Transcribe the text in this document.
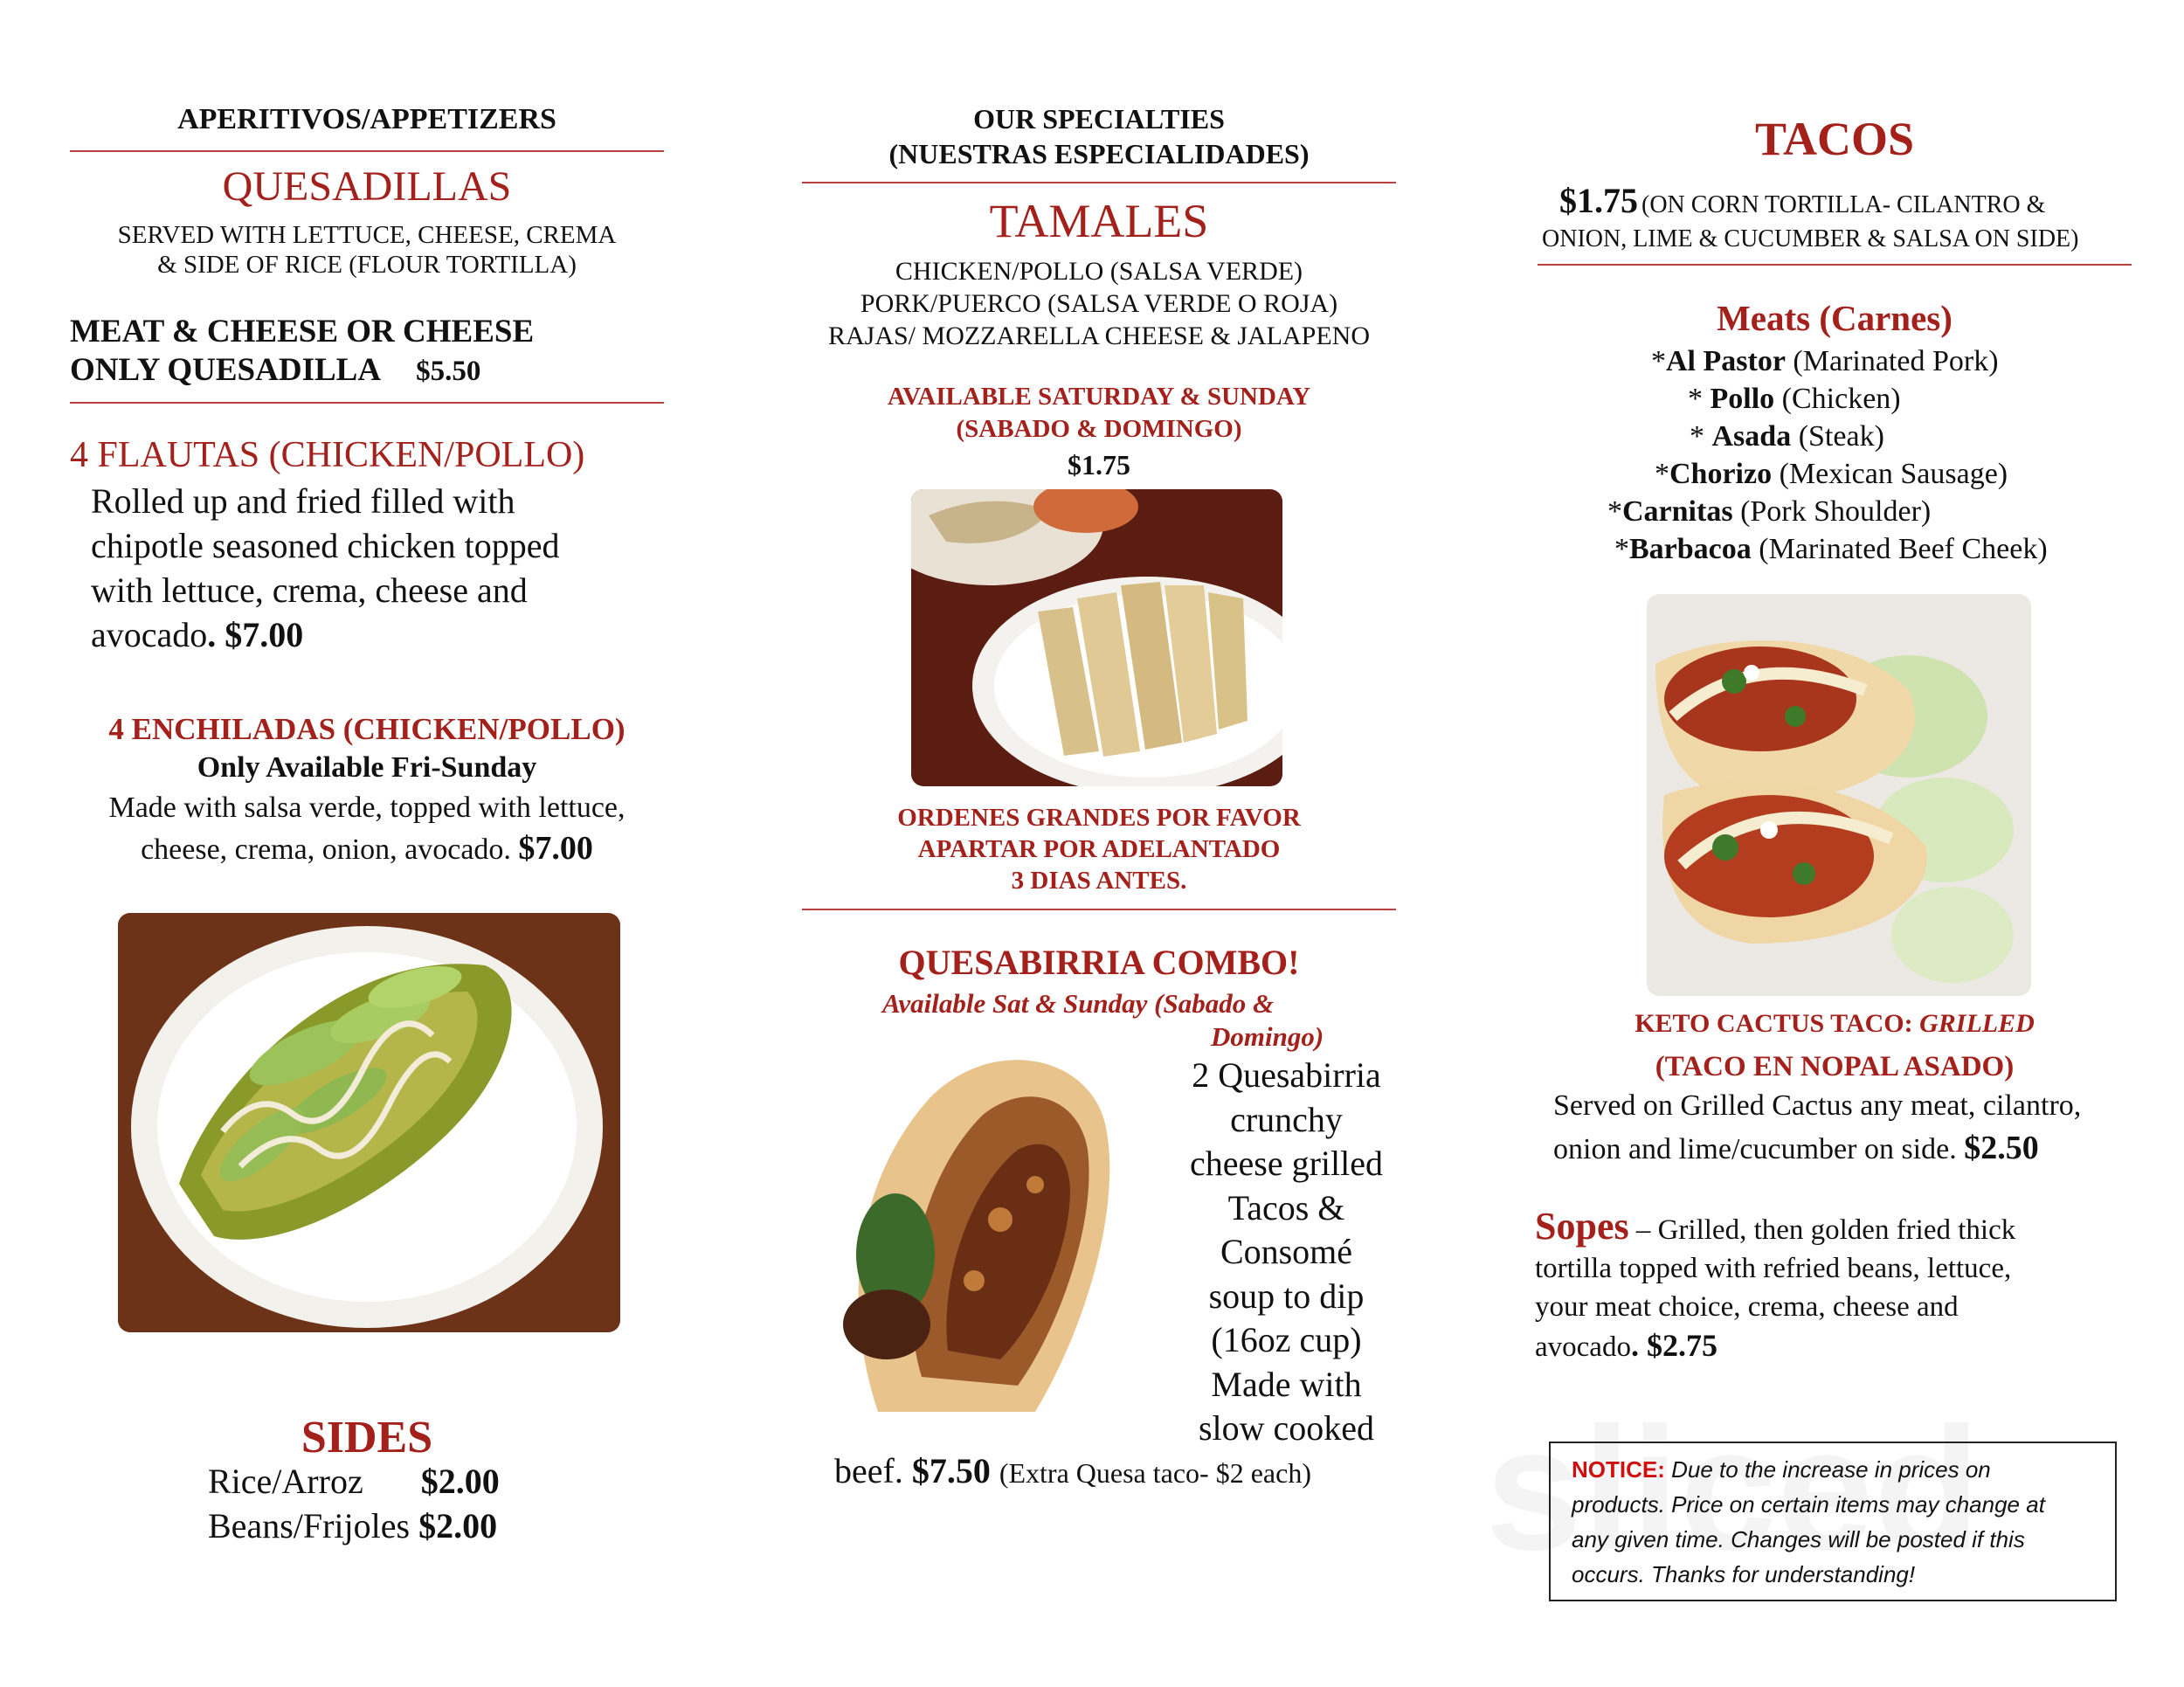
APERITIVOS/APPETIZERS
QUESADILLAS
SERVED WITH LETTUCE, CHEESE, CREMA
& SIDE OF RICE (FLOUR TORTILLA)
MEAT & CHEESE OR CHEESE
ONLY QUESADILLA $5.50
4 FLAUTAS (CHICKEN/POLLO)
Rolled up and fried filled with
chipotle seasoned chicken topped
with lettuce, crema, cheese and
avocado. $7.00
4 ENCHILADAS (CHICKEN/POLLO)
Only Available Fri-Sunday
Made with salsa verde, topped with lettuce,
cheese, crema, onion, avocado. $7.00
SIDES
Rice/Arroz $2.00
Beans/Frijoles $2.00
OUR SPECIALTIES
(NUESTRAS ESPECIALIDADES)
TAMALES
CHICKEN/POLLO (SALSA VERDE)
PORK/PUERCO (SALSA VERDE O ROJA)
RAJAS/ MOZZARELLA CHEESE & JALAPENO
AVAILABLE SATURDAY & SUNDAY
(SABADO & DOMINGO)
$1.75
ORDENES GRANDES POR FAVOR
APARTAR POR ADELANTADO
3 DIAS ANTES.
QUESABIRRIA COMBO!
Available Sat & Sunday (Sabado &
Domingo)
2 Quesabirria
crunchy
cheese grilled
Tacos &
Consomé
soup to dip
(16oz cup)
Made with
slow cooked
beef. $7.50 (Extra Quesa taco- $2 each)
TACOS
$1.75 (ON CORN TORTILLA- CILANTRO &
ONION, LIME & CUCUMBER & SALSA ON SIDE)
Meats (Carnes)
*Al Pastor (Marinated Pork)
* Pollo (Chicken)
* Asada (Steak)
*Chorizo (Mexican Sausage)
*Carnitas (Pork Shoulder)
*Barbacoa (Marinated Beef Cheek)
KETO CACTUS TACO: GRILLED
(TACO EN NOPAL ASADO)
Served on Grilled Cactus any meat, cilantro,
onion and lime/cucumber on side. $2.50
Sopes – Grilled, then golden fried thick
tortilla topped with refried beans, lettuce,
your meat choice, crema, cheese and
avocado. $2.75
NOTICE: Due to the increase in prices on
products. Price on certain items may change at
any given time. Changes will be posted if this
occurs. Thanks for understanding!
